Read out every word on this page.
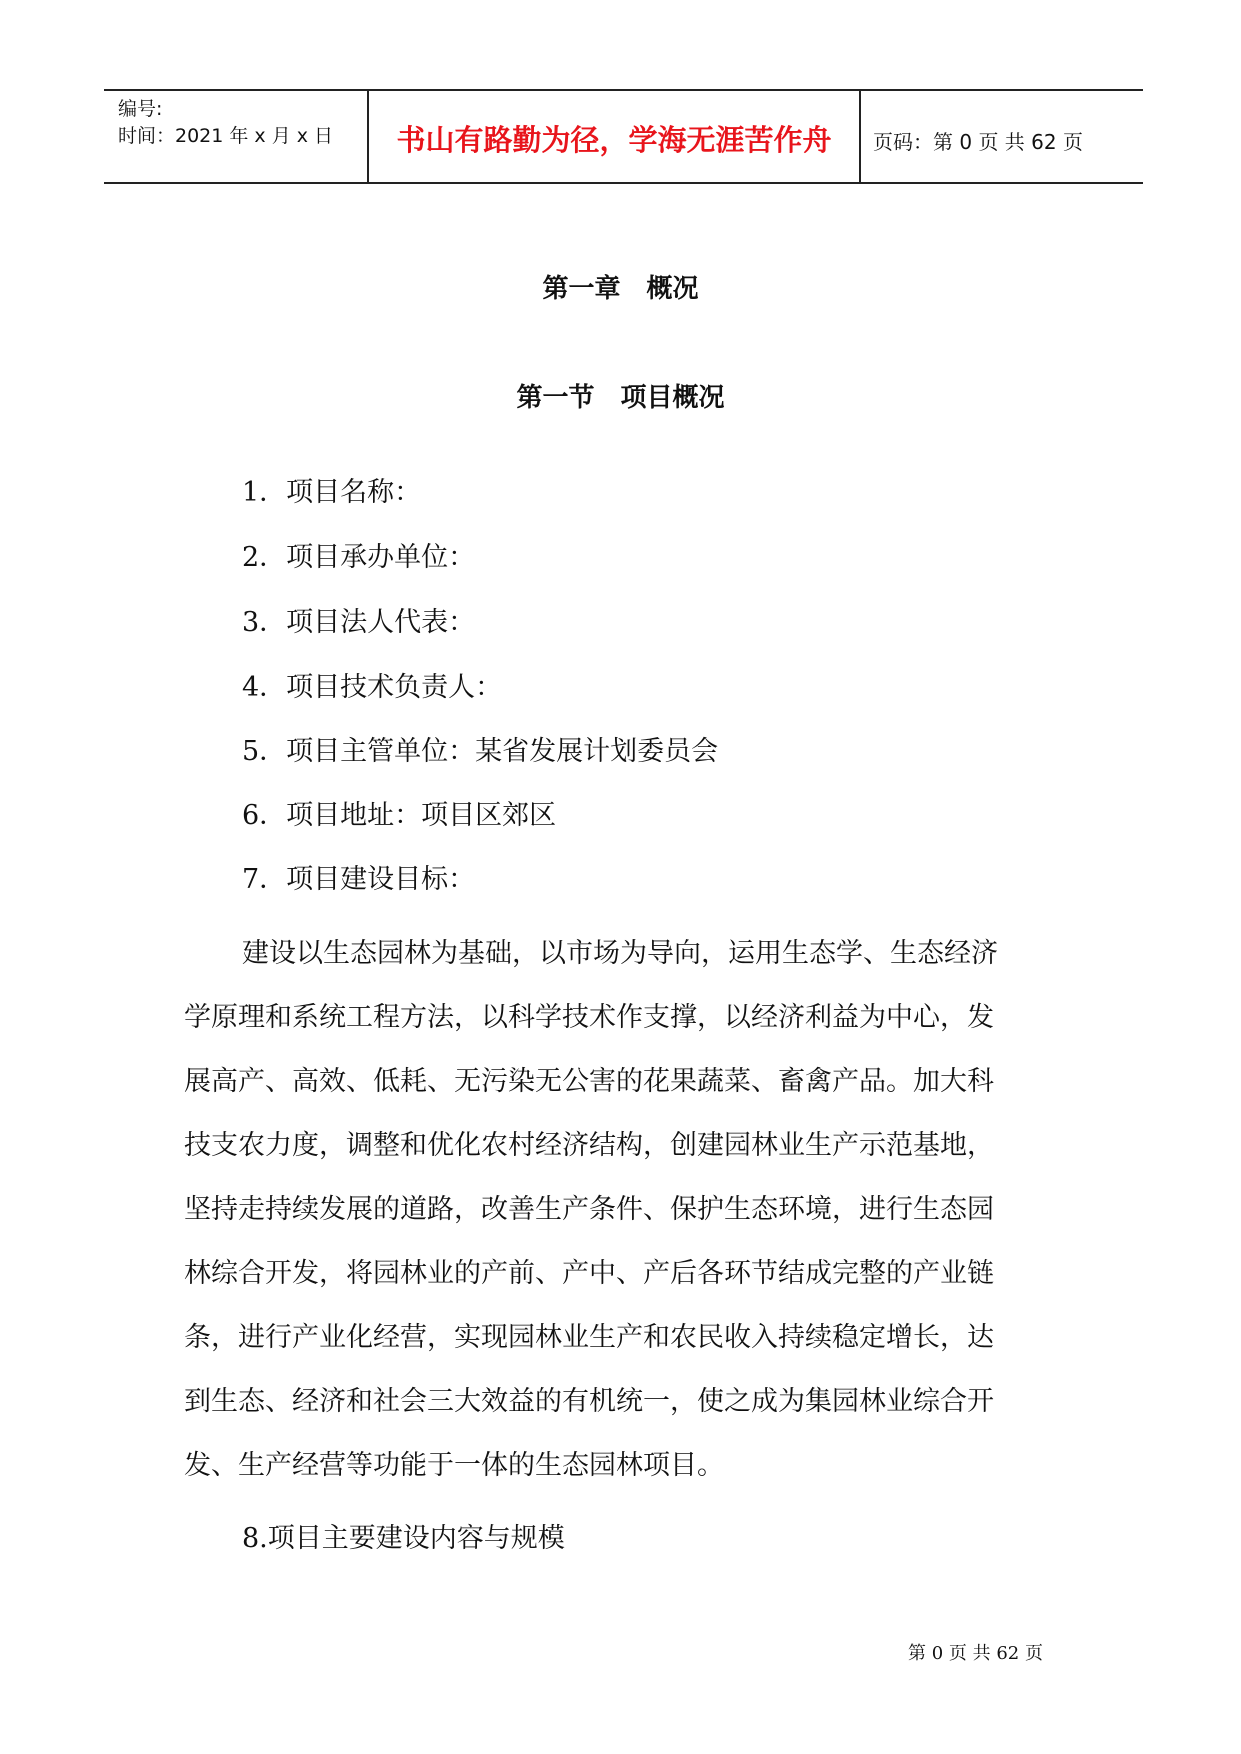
编号:
时间：2021 年 x 月 x 日	书山有路勤为径，学海无涯苦作舟	页码：第 0 页 共 62 页
第一章　概况
第一节　项目概况
1．项目名称：
2．项目承办单位：
3．项目法人代表：
4．项目技术负责人：
5．项目主管单位：某省发展计划委员会
6．项目地址：项目区郊区
7．项目建设目标：
建设以生态园林为基础，以市场为导向，运用生态学、生态经济
学原理和系统工程方法，以科学技术作支撑，以经济利益为中心，发
展高产、高效、低耗、无污染无公害的花果蔬菜、畜禽产品。加大科
技支农力度，调整和优化农村经济结构，创建园林业生产示范基地，
坚持走持续发展的道路，改善生产条件、保护生态环境，进行生态园
林综合开发，将园林业的产前、产中、产后各环节结成完整的产业链
条，进行产业化经营，实现园林业生产和农民收入持续稳定增长，达
到生态、经济和社会三大效益的有机统一，使之成为集园林业综合开
发、生产经营等功能于一体的生态园林项目。
8.项目主要建设内容与规模
第 0 页 共 62 页
